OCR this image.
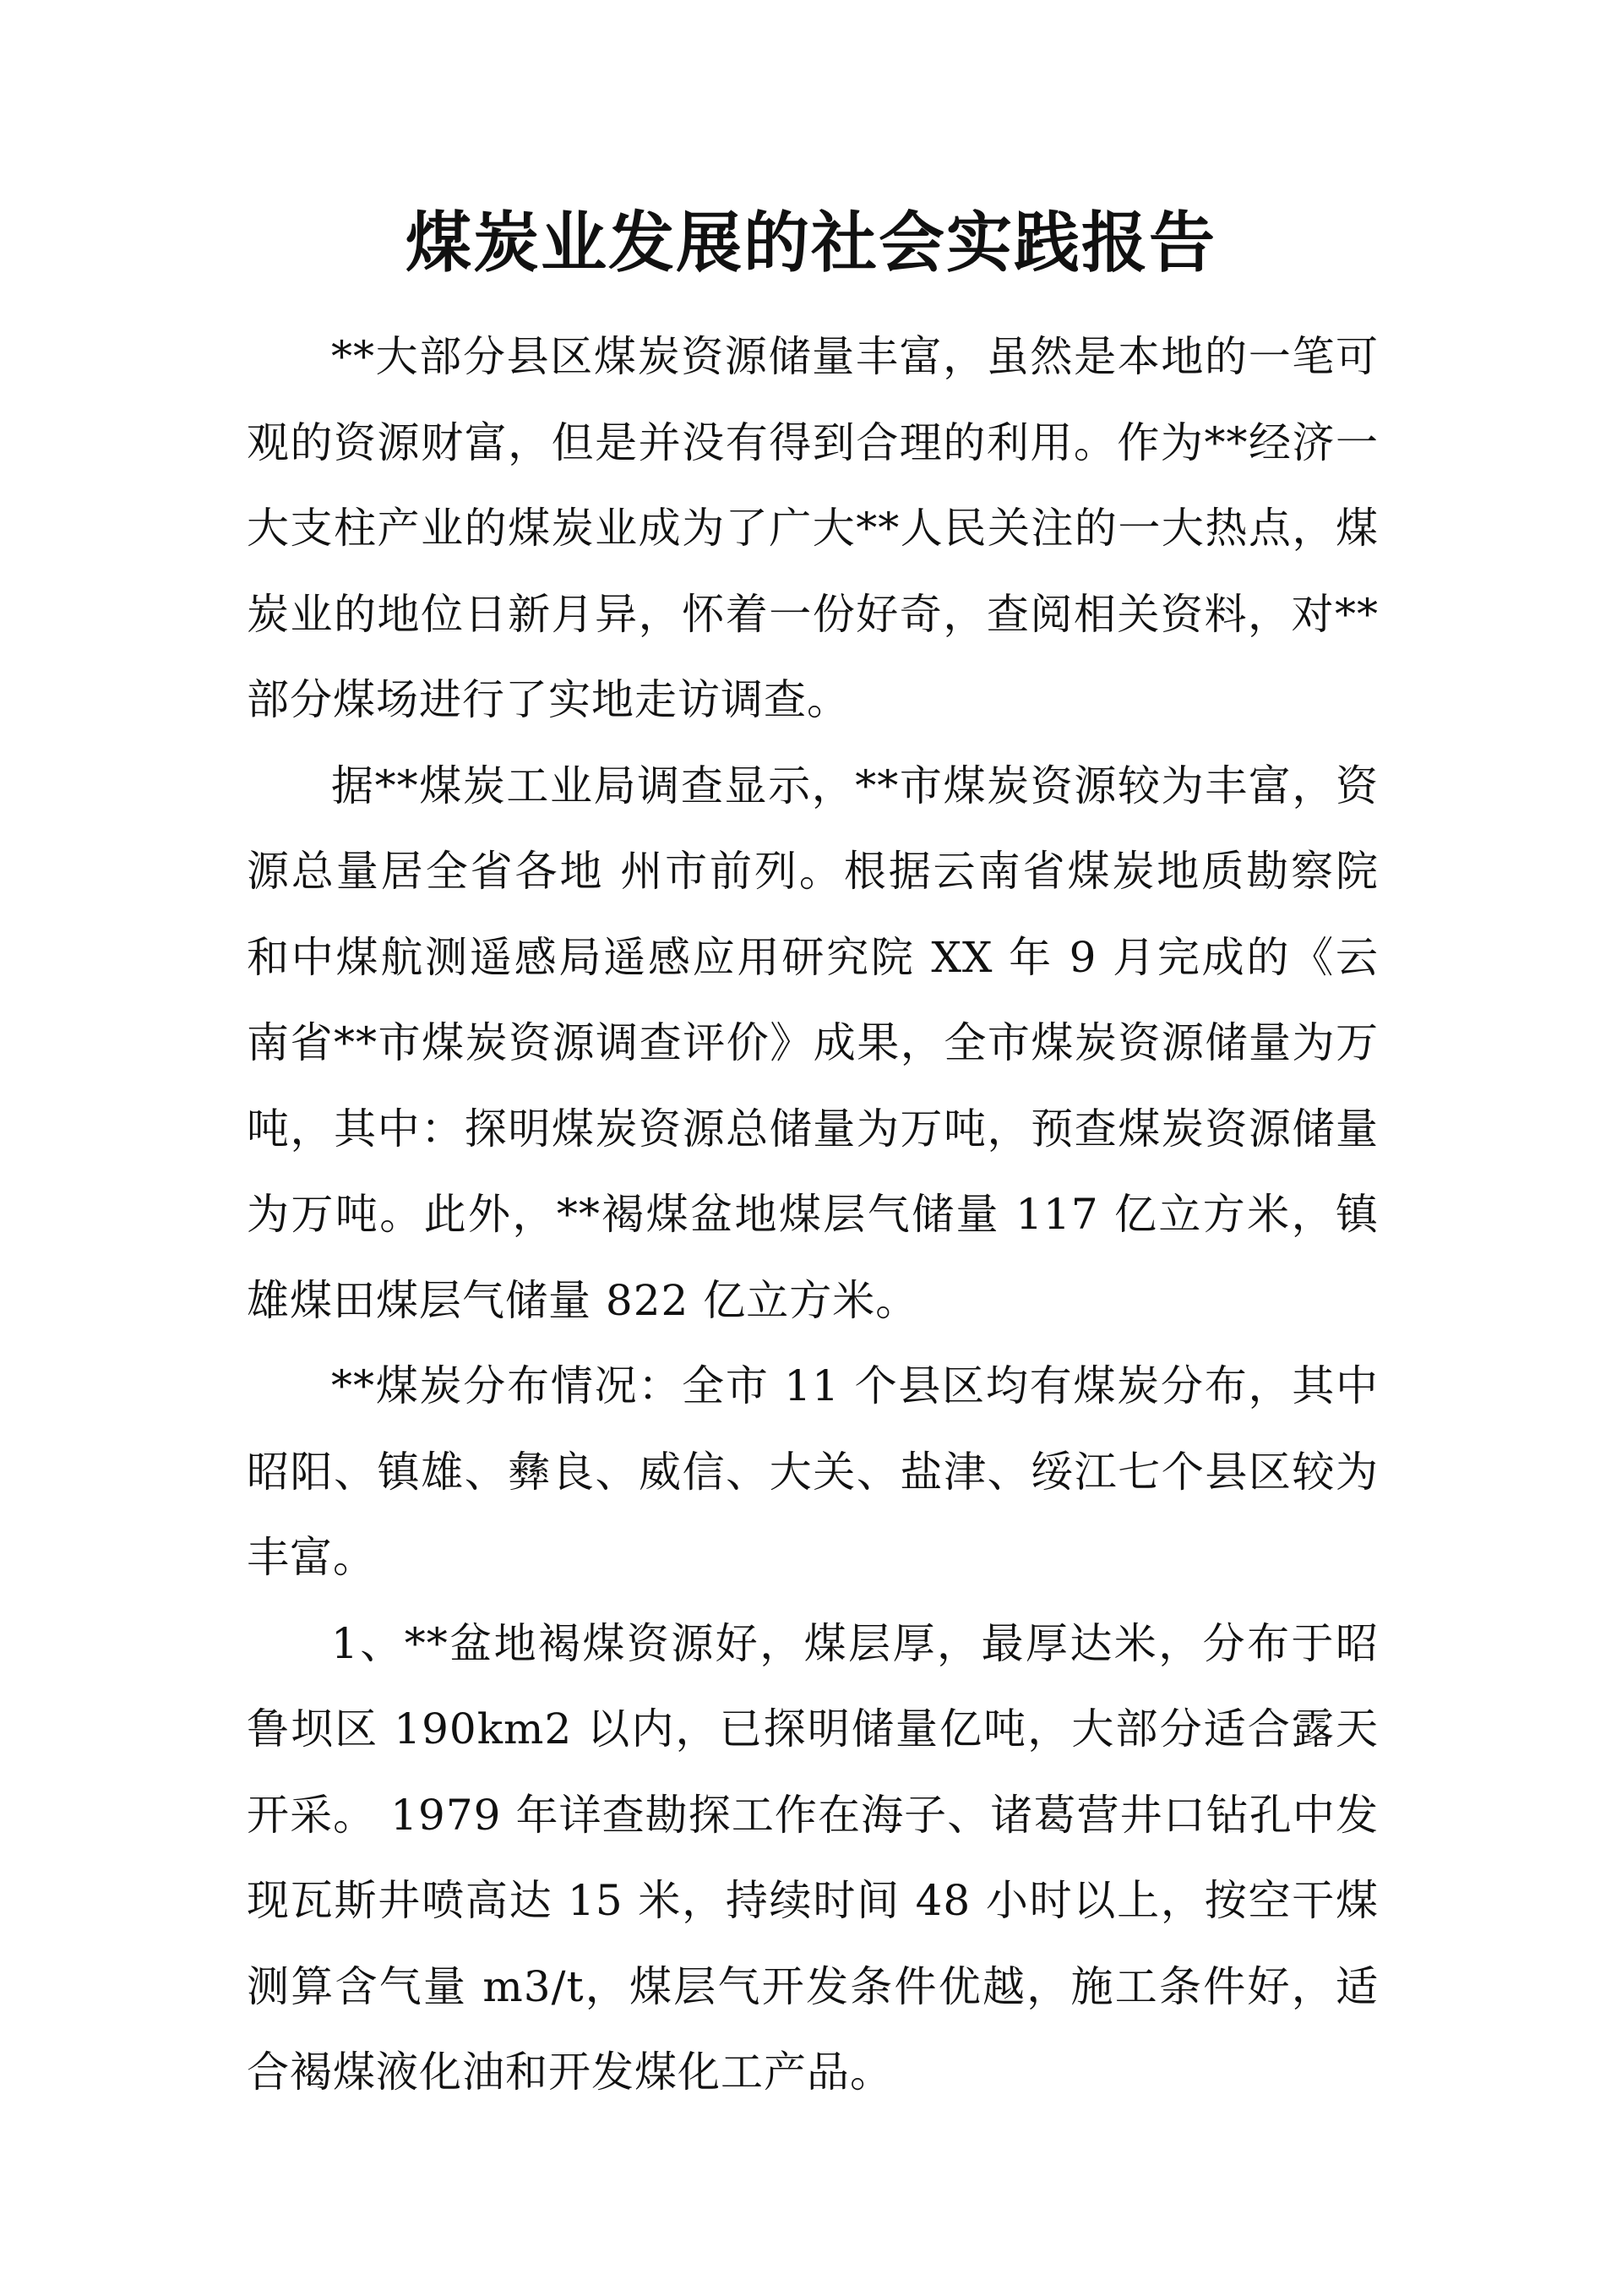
煤炭业发展的社会实践报告

**大部分县区煤炭资源储量丰富，虽然是本地的一笔可观的资源财富，但是并没有得到合理的利用。作为**经济一大支柱产业的煤炭业成为了广大**人民关注的一大热点，煤炭业的地位日新月异，怀着一份好奇，查阅相关资料，对**部分煤场进行了实地走访调查。

据**煤炭工业局调查显示，**市煤炭资源较为丰富，资源总量居全省各地 州市前列。根据云南省煤炭地质勘察院和中煤航测遥感局遥感应用研究院 XX 年 9 月完成的《云南省**市煤炭资源调查评价》成果，全市煤炭资源储量为万吨，其中：探明煤炭资源总储量为万吨，预查煤炭资源储量为万吨。此外，**褐煤盆地煤层气储量 117 亿立方米，镇雄煤田煤层气储量 822 亿立方米。

**煤炭分布情况：全市 11 个县区均有煤炭分布，其中昭阳、镇雄、彝良、威信、大关、盐津、绥江七个县区较为丰富。

1、**盆地褐煤资源好，煤层厚，最厚达米，分布于昭鲁坝区 190km2 以内，已探明储量亿吨，大部分适合露天开采。 1979 年详查勘探工作在海子、诸葛营井口钻孔中发现瓦斯井喷高达 15 米，持续时间 48 小时以上，按空干煤测算含气量 m3/t，煤层气开发条件优越，施工条件好，适合褐煤液化油和开发煤化工产品。
